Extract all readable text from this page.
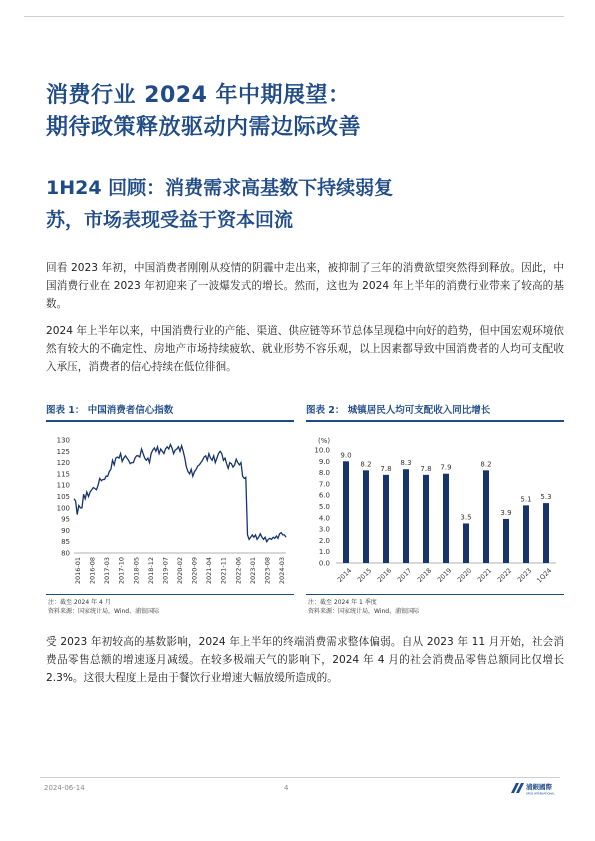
消费行业 2024 年中期展望：
期待政策释放驱动内需边际改善
1H24 回顾：消费需求高基数下持续弱复
苏，市场表现受益于资本回流
回看 2023 年初，中国消费者刚刚从疫情的阴霾中走出来，被抑制了三年的消费欲望突然得到释放。因此，中国消费行业在 2023 年初迎来了一波爆发式的增长。然而，这也为 2024 年上半年的消费行业带来了较高的基数。
2024 年上半年以来，中国消费行业的产能、渠道、供应链等环节总体呈现稳中向好的趋势，但中国宏观环境依然有较大的不确定性、房地产市场持续疲软、就业形势不容乐观，以上因素都导致中国消费者的人均可支配收入承压，消费者的信心持续在低位徘徊。
图表 1： 中国消费者信心指数
80
85
90
95
100
105
110
115
120
125
130
2016-01 2016-08 2017-03 2017-10 2018-05 2018-12 2019-07 2020-02 2020-09 2021-04 2021-11 2022-06 2023-01 2023-08 2024-03
注：截至 2024 年 4 月
资料来源：国家统计局，Wind，浦银国际
图表 2： 城镇居民人均可支配收入同比增长
(%)
0.0
1.0
2.0
3.0
4.0
5.0
6.0
7.0
8.0
9.0
10.0
9.0
2014
8.2
2015
7.8
2016
8.3
2017
7.8
2018
7.9
2019
3.5
2020
8.2
2021
3.9
2022
5.1
2023
5.3
1Q24
注：截至 2024 年 1 季度
资料来源：国家统计局，Wind，浦银国际
受 2023 年初较高的基数影响，2024 年上半年的终端消费需求整体偏弱。自从 2023 年 11 月开始，社会消费品零售总额的增速逐月减缓。在较多极端天气的影响下，2024 年 4 月的社会消费品零售总额同比仅增长 2.3%。这很大程度上是由于餐饮行业增速大幅放缓所造成的。
2024-06-14	4	浦銀國際
SPDB INTERNATIONAL
